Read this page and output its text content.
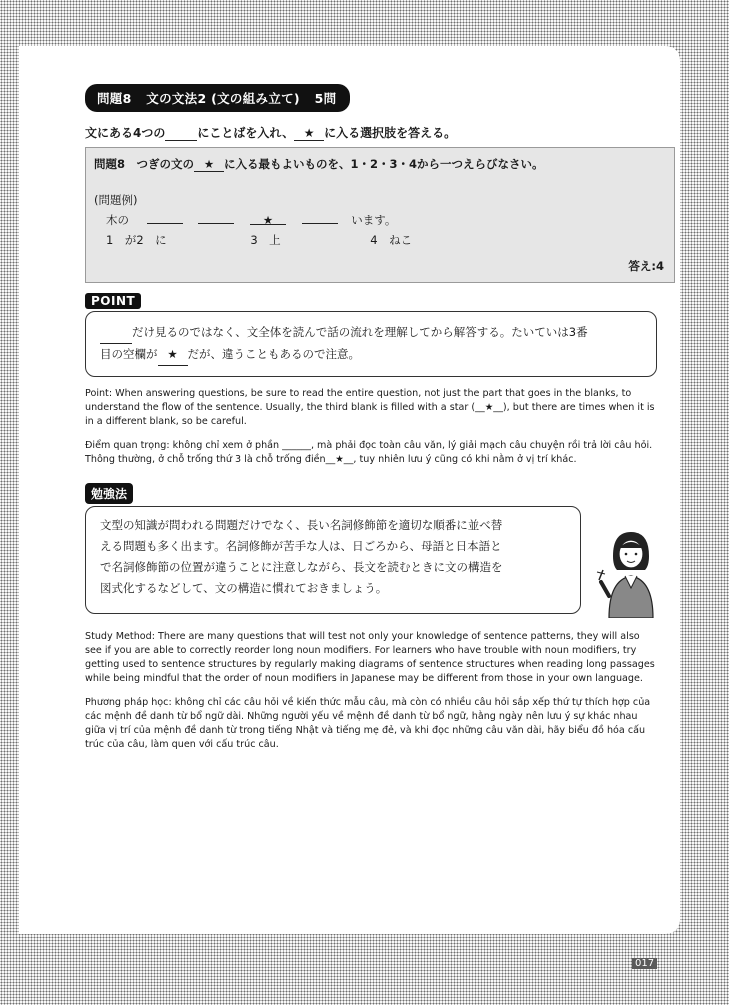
問題8 文の文法2 (文の組み立て) 5問
文にある4つの	にことばを入れ、 ★ に入る選択肢を答える。
問題8　つぎの文の ★ に入る最もよいものを、1・2・3・4から一つえらびなさい。
(問題例)
木の	★	います。
1　が2　に	3　上	4　ねこ
答え:4
POINT
だけ見るのではなく、文全体を読んで話の流れを理解してから解答する。たいていは3番
目の空欄が ★ だが、違うこともあるので注意。

Point: When answering questions, be sure to read the entire question, not just the part that goes in the blanks, to understand the flow of the sentence. Usually, the third blank is filled with a star (__★__), but there are times when it is in a different blank, so be careful.

Điểm quan trọng: không chỉ xem ở phần ______, mà phải đọc toàn câu văn, lý giải mạch câu chuyện rồi trả lời câu hỏi. Thông thường, ở chỗ trống thứ 3 là chỗ trống điền__★__, tuy nhiên lưu ý cũng có khi nằm ở vị trí khác.

勉強法
文型の知識が問われる問題だけでなく、長い名詞修飾節を適切な順番に並べ替
える問題も多く出ます。名詞修飾が苦手な人は、日ごろから、母語と日本語と
で名詞修飾節の位置が違うことに注意しながら、長文を読むときに文の構造を
図式化するなどして、文の構造に慣れておきましょう。

Study Method: There are many questions that will test not only your knowledge of sentence patterns, they will also see if you are able to correctly reorder long noun modifiers. For learners who have trouble with noun modifiers, try getting used to sentence structures by regularly making diagrams of sentence structures when reading long passages while being mindful that the order of noun modifiers in Japanese may be different from those in your own language.

Phương pháp học: không chỉ các câu hỏi về kiến thức mẫu câu, mà còn có nhiều câu hỏi sắp xếp thứ tự thích hợp của các mệnh đề danh từ bổ ngữ dài. Những người yếu về mệnh đề danh từ bổ ngữ, hằng ngày nên lưu ý sự khác nhau giữa vị trí của mệnh đề danh từ trong tiếng Nhật và tiếng mẹ đẻ, và khi đọc những câu văn dài, hãy biểu đồ hóa cấu trúc của câu, làm quen với cấu trúc câu.

017
